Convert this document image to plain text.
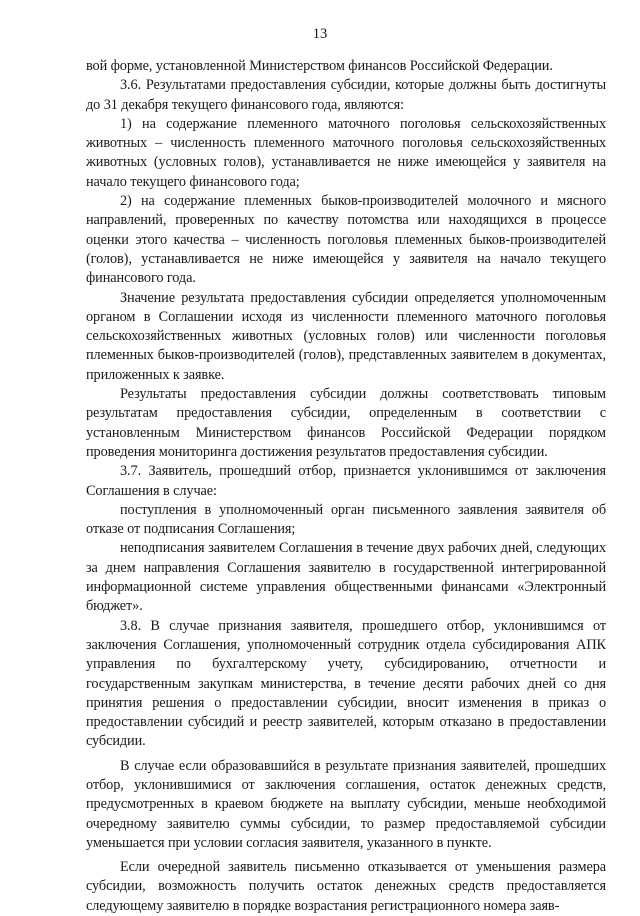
13

вой форме, установленной Министерством финансов Российской Федерации.

3.6. Результатами предоставления субсидии, которые должны быть достигнуты до 31 декабря текущего финансового года, являются:

1) на содержание племенного маточного поголовья сельскохозяйственных животных – численность племенного маточного поголовья сельскохозяйственных животных (условных голов), устанавливается не ниже имеющейся у заявителя на начало текущего финансового года;

2) на содержание племенных быков-производителей молочного и мясного направлений, проверенных по качеству потомства или находящихся в процессе оценки этого качества – численность поголовья племенных быков-производителей (голов), устанавливается не ниже имеющейся у заявителя на начало текущего финансового года.

Значение результата предоставления субсидии определяется уполномоченным органом в Соглашении исходя из численности племенного маточного поголовья сельскохозяйственных животных (условных голов) или численности поголовья племенных быков-производителей (голов), представленных заявителем в документах, приложенных к заявке.

Результаты предоставления субсидии должны соответствовать типовым результатам предоставления субсидии, определенным в соответствии с установленным Министерством финансов Российской Федерации порядком проведения мониторинга достижения результатов предоставления субсидии.

3.7. Заявитель, прошедший отбор, признается уклонившимся от заключения Соглашения в случае:

поступления в уполномоченный орган письменного заявления заявителя об отказе от подписания Соглашения;

неподписания заявителем Соглашения в течение двух рабочих дней, следующих за днем направления Соглашения заявителю в государственной интегрированной информационной системе управления общественными финансами «Электронный бюджет».

3.8. В случае признания заявителя, прошедшего отбор, уклонившимся от заключения Соглашения, уполномоченный сотрудник отдела субсидирования АПК управления по бухгалтерскому учету, субсидированию, отчетности и государственным закупкам министерства, в течение десяти рабочих дней со дня принятия решения о предоставлении субсидии, вносит изменения в приказ о предоставлении субсидий и реестр заявителей, которым отказано в предоставлении субсидии.

В случае если образовавшийся в результате признания заявителей, прошедших отбор, уклонившимися от заключения соглашения, остаток денежных средств, предусмотренных в краевом бюджете на выплату субсидии, меньше необходимой очередному заявителю суммы субсидии, то размер предоставляемой субсидии уменьшается при условии согласия заявителя, указанного в пункте.

Если очередной заявитель письменно отказывается от уменьшения размера субсидии, возможность получить остаток денежных средств предоставляется следующему заявителю в порядке возрастания регистрационного номера заяв-
